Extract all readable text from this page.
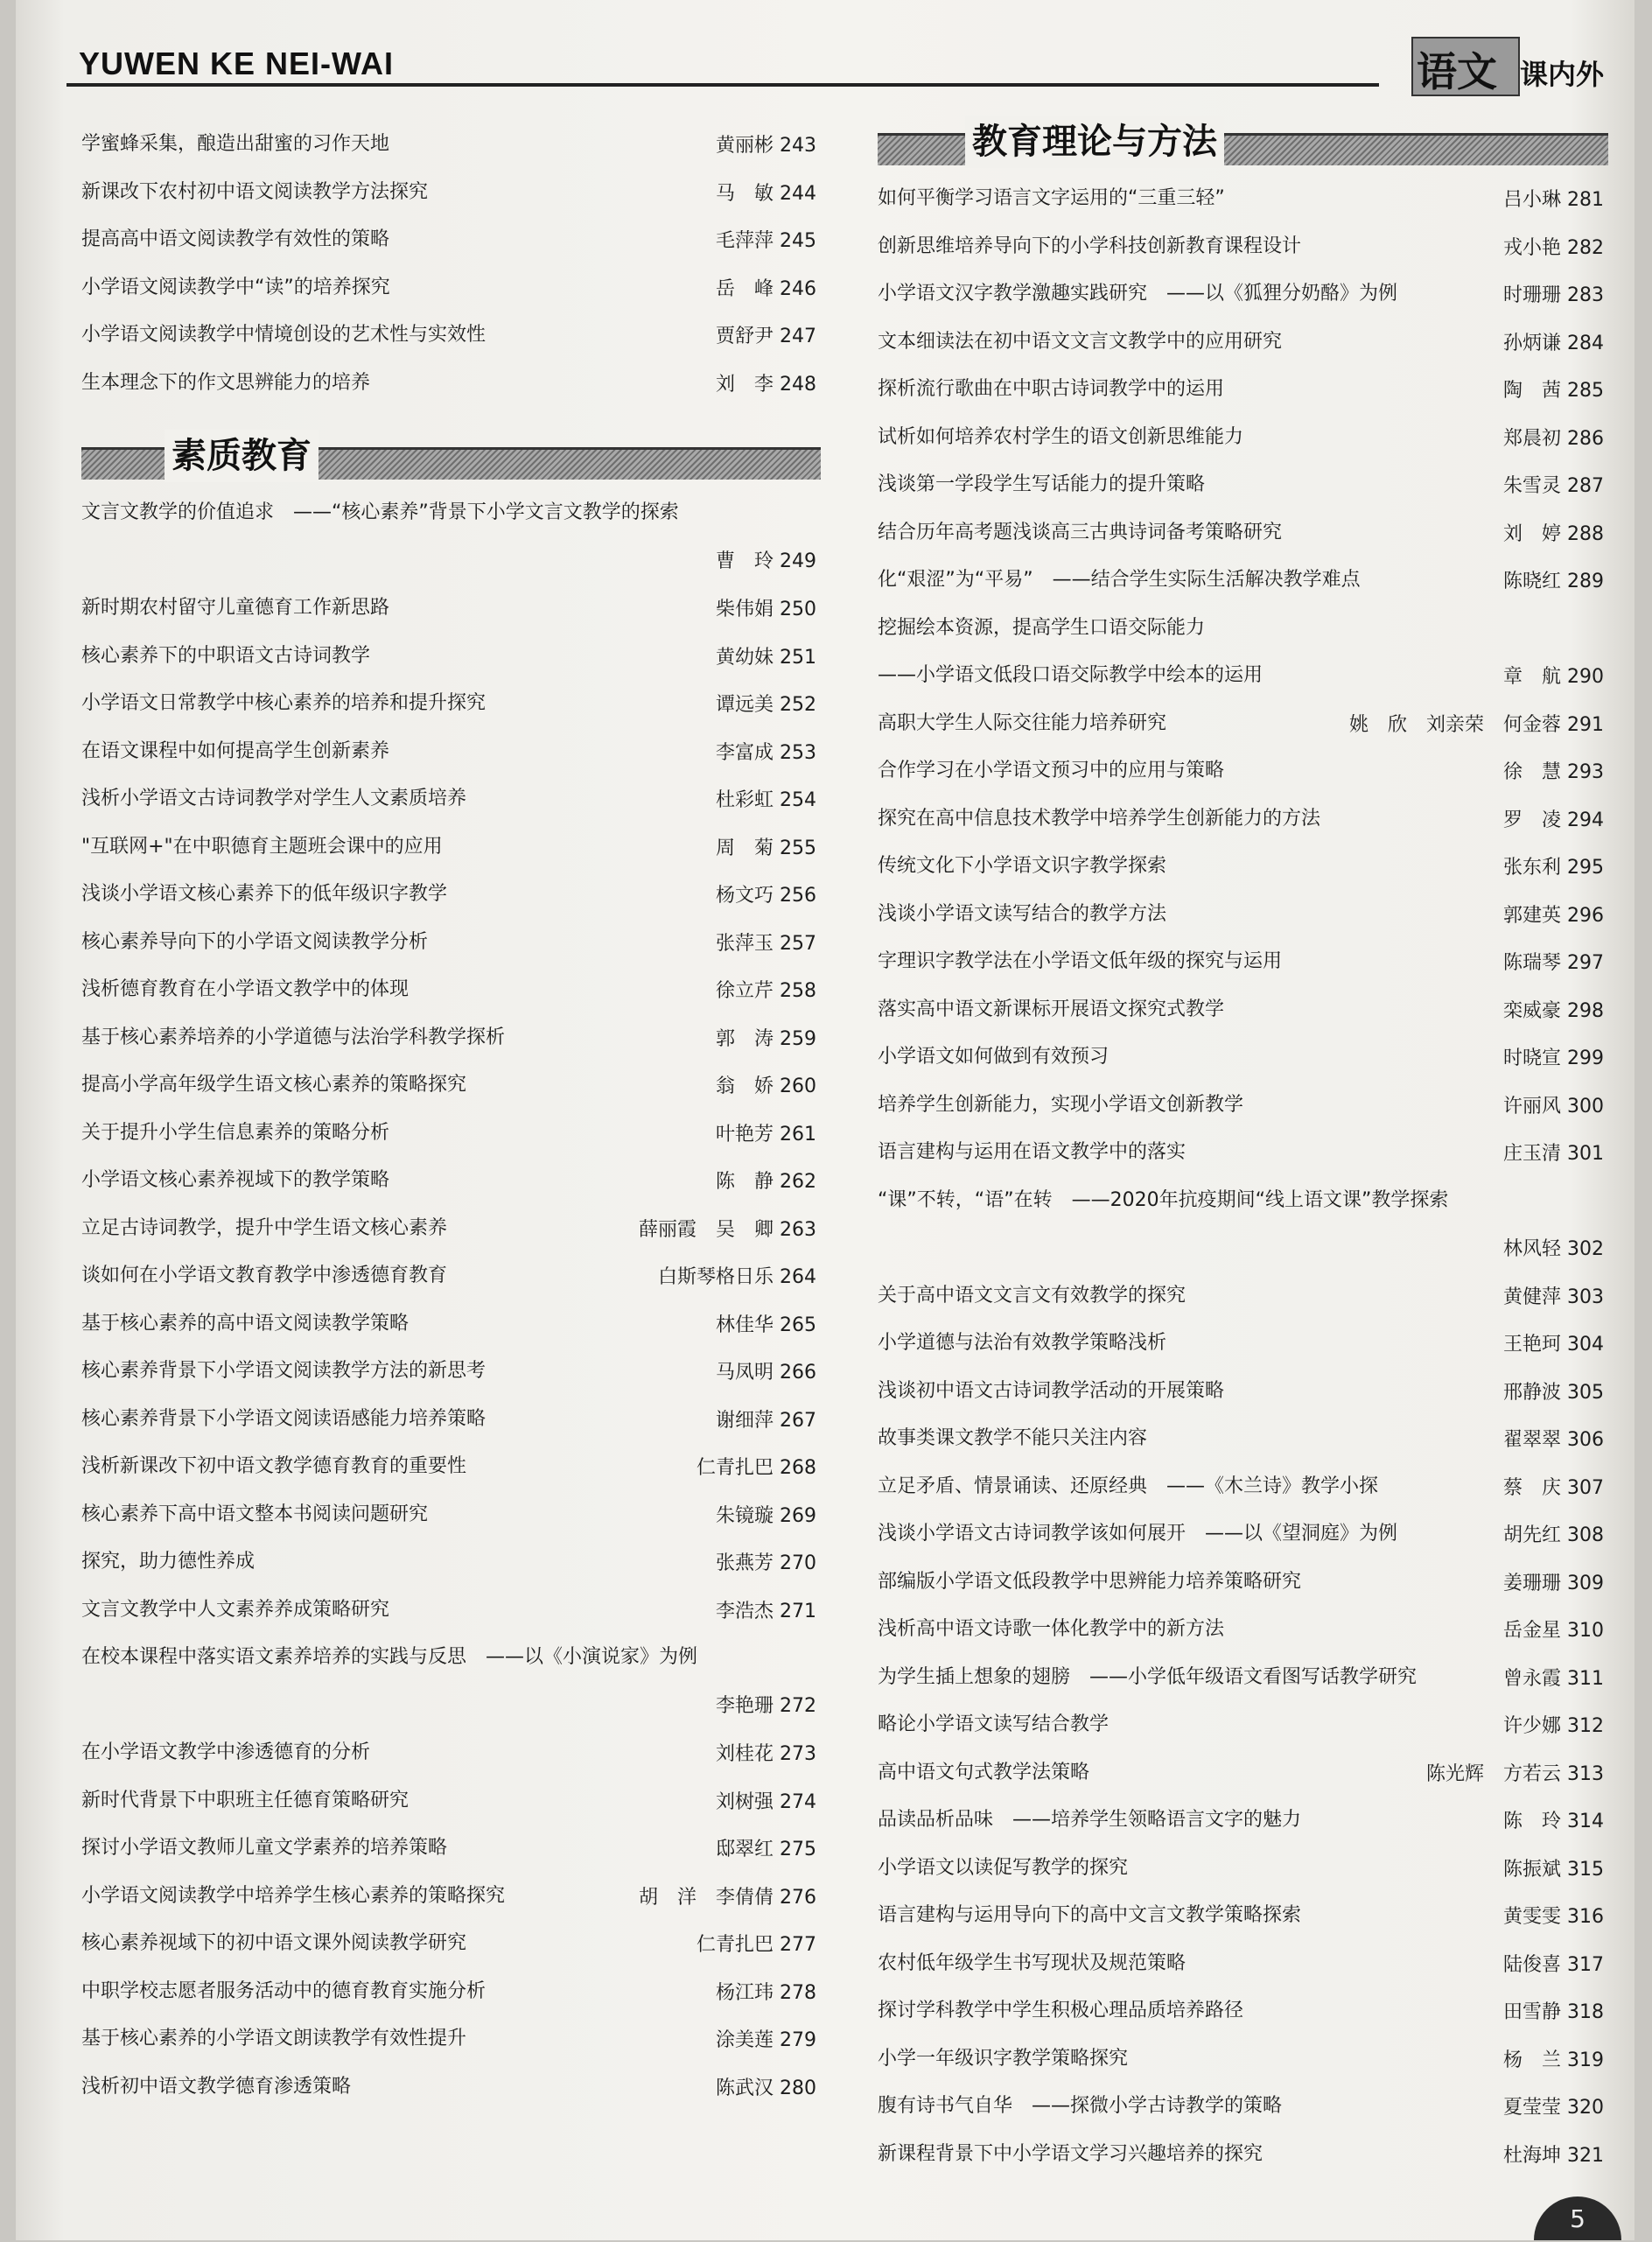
YUWEN KE NEI-WAI	语文 课内外
学蜜蜂采集，酿造出甜蜜的习作天地	黄丽彬 243
新课改下农村初中语文阅读教学方法探究	马　敏 244
提高高中语文阅读教学有效性的策略	毛萍萍 245
小学语文阅读教学中“读”的培养探究	岳　峰 246
小学语文阅读教学中情境创设的艺术性与实效性	贾舒尹 247
生本理念下的作文思辨能力的培养	刘　李 248
素质教育
文言文教学的价值追求　——“核心素养”背景下小学文言文教学的探索
曹　玲 249
新时期农村留守儿童德育工作新思路	柴伟娟 250
核心素养下的中职语文古诗词教学	黄幼妹 251
小学语文日常教学中核心素养的培养和提升探究	谭远美 252
在语文课程中如何提高学生创新素养	李富成 253
浅析小学语文古诗词教学对学生人文素质培养	杜彩虹 254
"互联网+"在中职德育主题班会课中的应用	周　菊 255
浅谈小学语文核心素养下的低年级识字教学	杨文巧 256
核心素养导向下的小学语文阅读教学分析	张萍玉 257
浅析德育教育在小学语文教学中的体现	徐立芹 258
基于核心素养培养的小学道德与法治学科教学探析	郭　涛 259
提高小学高年级学生语文核心素养的策略探究	翁　娇 260
关于提升小学生信息素养的策略分析	叶艳芳 261
小学语文核心素养视域下的教学策略	陈　静 262
立足古诗词教学，提升中学生语文核心素养	薛丽霞　吴　卿 263
谈如何在小学语文教育教学中渗透德育教育	白斯琴格日乐 264
基于核心素养的高中语文阅读教学策略	林佳华 265
核心素养背景下小学语文阅读教学方法的新思考	马凤明 266
核心素养背景下小学语文阅读语感能力培养策略	谢细萍 267
浅析新课改下初中语文教学德育教育的重要性	仁青扎巴 268
核心素养下高中语文整本书阅读问题研究	朱镜璇 269
探究，助力德性养成	张燕芳 270
文言文教学中人文素养养成策略研究	李浩杰 271
在校本课程中落实语文素养培养的实践与反思　——以《小演说家》为例
李艳珊 272
在小学语文教学中渗透德育的分析	刘桂花 273
新时代背景下中职班主任德育策略研究	刘树强 274
探讨小学语文教师儿童文学素养的培养策略	邸翠红 275
小学语文阅读教学中培养学生核心素养的策略探究	胡　洋　李倩倩 276
核心素养视域下的初中语文课外阅读教学研究	仁青扎巴 277
中职学校志愿者服务活动中的德育教育实施分析	杨江玮 278
基于核心素养的小学语文朗读教学有效性提升	涂美莲 279
浅析初中语文教学德育渗透策略	陈武汉 280
教育理论与方法
如何平衡学习语言文字运用的“三重三轻”	吕小琳 281
创新思维培养导向下的小学科技创新教育课程设计	戎小艳 282
小学语文汉字教学激趣实践研究　——以《狐狸分奶酪》为例	时珊珊 283
文本细读法在初中语文文言文教学中的应用研究	孙炳谦 284
探析流行歌曲在中职古诗词教学中的运用	陶　茜 285
试析如何培养农村学生的语文创新思维能力	郑晨初 286
浅谈第一学段学生写话能力的提升策略	朱雪灵 287
结合历年高考题浅谈高三古典诗词备考策略研究	刘　婷 288
化“艰涩”为“平易”　——结合学生实际生活解决教学难点	陈晓红 289
挖掘绘本资源，提高学生口语交际能力
——小学语文低段口语交际教学中绘本的运用	章　航 290
高职大学生人际交往能力培养研究	姚　欣　刘亲荣　何金蓉 291
合作学习在小学语文预习中的应用与策略	徐　慧 293
探究在高中信息技术教学中培养学生创新能力的方法	罗　凌 294
传统文化下小学语文识字教学探索	张东利 295
浅谈小学语文读写结合的教学方法	郭建英 296
字理识字教学法在小学语文低年级的探究与运用	陈瑞琴 297
落实高中语文新课标开展语文探究式教学	栾威豪 298
小学语文如何做到有效预习	时晓宣 299
培养学生创新能力，实现小学语文创新教学	许丽风 300
语言建构与运用在语文教学中的落实	庄玉清 301
“课”不转，“语”在转　——2020年抗疫期间“线上语文课”教学探索
林风轻 302
关于高中语文文言文有效教学的探究	黄健萍 303
小学道德与法治有效教学策略浅析	王艳珂 304
浅谈初中语文古诗词教学活动的开展策略	邢静波 305
故事类课文教学不能只关注内容	翟翠翠 306
立足矛盾、情景诵读、还原经典　——《木兰诗》教学小探	蔡　庆 307
浅谈小学语文古诗词教学该如何展开　——以《望洞庭》为例	胡先红 308
部编版小学语文低段教学中思辨能力培养策略研究	姜珊珊 309
浅析高中语文诗歌一体化教学中的新方法	岳金星 310
为学生插上想象的翅膀　——小学低年级语文看图写话教学研究	曾永霞 311
略论小学语文读写结合教学	许少娜 312
高中语文句式教学法策略	陈光辉　方若云 313
品读品析品味　——培养学生领略语言文字的魅力	陈　玲 314
小学语文以读促写教学的探究	陈振斌 315
语言建构与运用导向下的高中文言文教学策略探索	黄雯雯 316
农村低年级学生书写现状及规范策略	陆俊喜 317
探讨学科教学中学生积极心理品质培养路径	田雪静 318
小学一年级识字教学策略探究	杨　兰 319
腹有诗书气自华　——探微小学古诗教学的策略	夏莹莹 320
新课程背景下中小学语文学习兴趣培养的探究	杜海坤 321
5
